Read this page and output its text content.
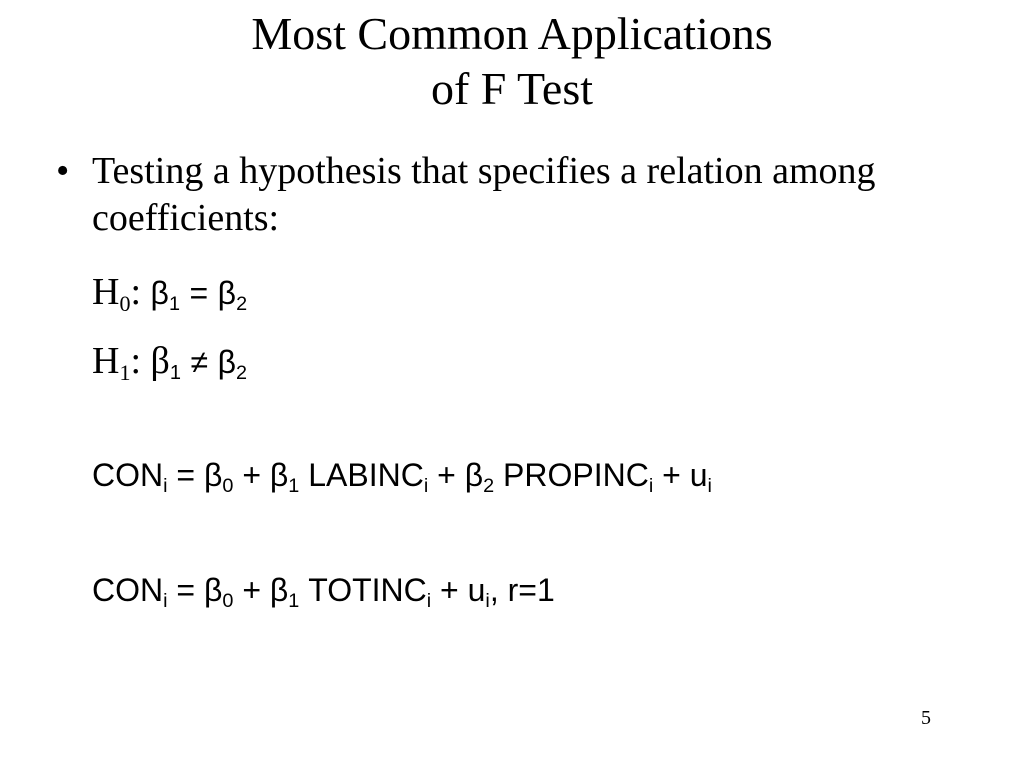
Most Common Applications
of F Test
• Testing a hypothesis that specifies a relation among coefficients:
$H_0$: $\beta_1 = \beta_2$
$H_1$: $\beta_1 \ne \beta_2$
$CON_i = \beta_0 + \beta_1$ $LABINC_i + \beta_2$ $PROPINC_i + u_i$
$CON_i = \beta_0 + \beta_1$ $TOTINC_i + u_i$, r=1
5
